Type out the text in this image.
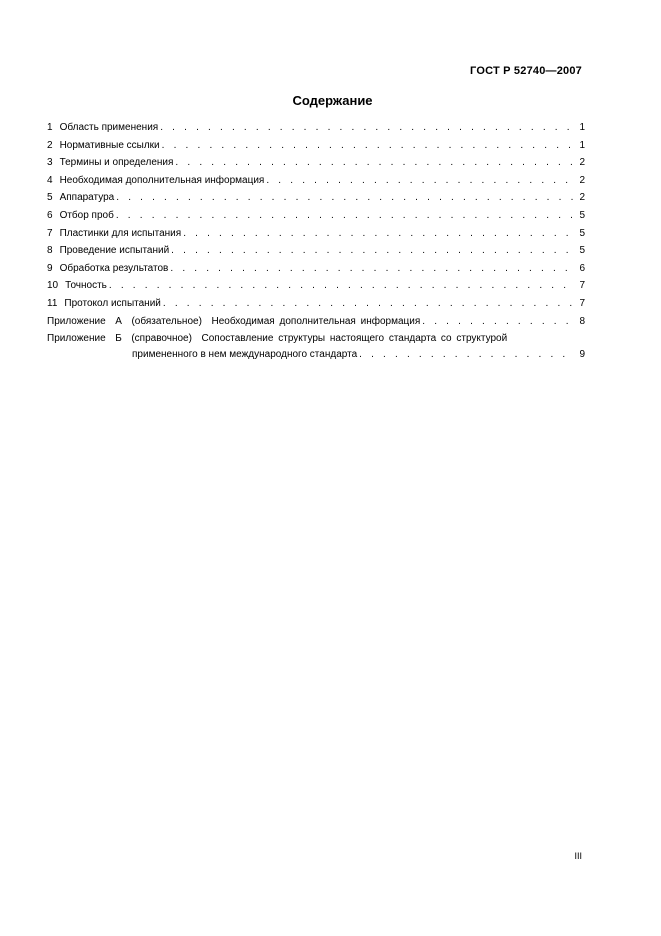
ГОСТ Р 52740—2007
Содержание
1 Область применения . . .	1
2 Нормативные ссылки . . .	1
3 Термины и определения . . .	2
4 Необходимая дополнительная информация . . .	2
5 Аппаратура . . .	2
6 Отбор проб . . .	5
7 Пластинки для испытания . . .	5
8 Проведение испытаний . . .	5
9 Обработка результатов . . .	6
10 Точность . . .	7
11 Протокол испытаний . . .	7
Приложение А (обязательное) Необходимая дополнительная информация . . .	8
Приложение Б (справочное) Сопоставление структуры настоящего стандарта со структурой
примененного в нем международного стандарта . . .	9
III
